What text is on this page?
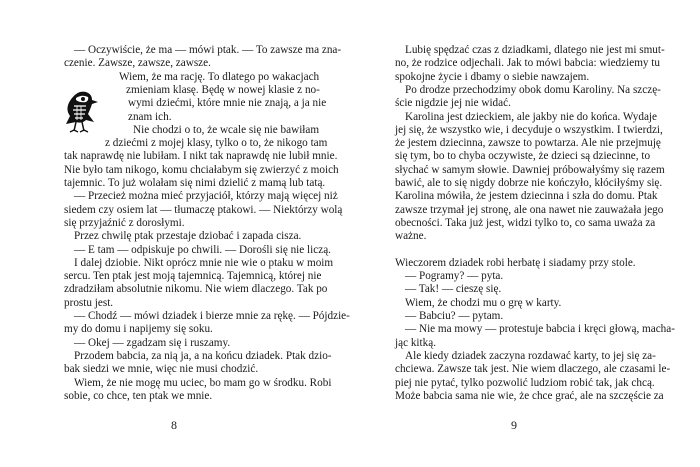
— Oczywiście, że ma — mówi ptak. — To zawsze ma zna-
czenie. Zawsze, zawsze, zawsze.
Wiem, że ma rację. To dlatego po wakacjach
zmieniam klasę. Będę w nowej klasie z no-
wymi dziećmi, które mnie nie znają, a ja nie
znam ich.
Nie chodzi o to, że wcale się nie bawiłam
z dziećmi z mojej klasy, tylko o to, że nikogo tam
tak naprawdę nie lubiłam. I nikt tak naprawdę nie lubił mnie.
Nie było tam nikogo, komu chciałabym się zwierzyć z moich
tajemnic. To już wolałam się nimi dzielić z mamą lub tatą.
— Przecież można mieć przyjaciół, którzy mają więcej niż
siedem czy osiem lat — tłumaczę ptakowi. — Niektórzy wolą
się przyjaźnić z dorosłymi.
Przez chwilę ptak przestaje dziobać i zapada cisza.
— E tam — odpiskuje po chwili. — Dorośli się nie liczą.
I dalej dziobie. Nikt oprócz mnie nie wie o ptaku w moim
sercu. Ten ptak jest moją tajemnicą. Tajemnicą, której nie
zdradziłam absolutnie nikomu. Nie wiem dlaczego. Tak po
prostu jest.
— Chodź — mówi dziadek i bierze mnie za rękę. — Pójdzie-
my do domu i napijemy się soku.
— Okej — zgadzam się i ruszamy.
Przodem babcia, za nią ja, a na końcu dziadek. Ptak dzio-
bak siedzi we mnie, więc nie musi chodzić.
Wiem, że nie mogę mu uciec, bo mam go w środku. Robi
sobie, co chce, ten ptak we mnie.
8
Lubię spędzać czas z dziadkami, dlatego nie jest mi smut-
no, że rodzice odjechali. Jak to mówi babcia: wiedziemy tu
spokojne życie i dbamy o siebie nawzajem.
Po drodze przechodzimy obok domu Karoliny. Na szczę-
ście nigdzie jej nie widać.
Karolina jest dzieckiem, ale jakby nie do końca. Wydaje
jej się, że wszystko wie, i decyduje o wszystkim. I twierdzi,
że jestem dziecinna, zawsze to powtarza. Ale nie przejmuję
się tym, bo to chyba oczywiste, że dzieci są dziecinne, to
słychać w samym słowie. Dawniej próbowałyśmy się razem
bawić, ale to się nigdy dobrze nie kończyło, kłóciłyśmy się.
Karolina mówiła, że jestem dziecinna i szła do domu. Ptak
zawsze trzymał jej stronę, ale ona nawet nie zauważała jego
obecności. Taka już jest, widzi tylko to, co sama uważa za
ważne.
Wieczorem dziadek robi herbatę i siadamy przy stole.
— Pogramy? — pyta.
— Tak! — cieszę się.
Wiem, że chodzi mu o grę w karty.
— Babciu? — pytam.
— Nie ma mowy — protestuje babcia i kręci głową, macha-
jąc kitką.
Ale kiedy dziadek zaczyna rozdawać karty, to jej się za-
chciewa. Zawsze tak jest. Nie wiem dlaczego, ale czasami le-
piej nie pytać, tylko pozwolić ludziom robić tak, jak chcą.
Może babcia sama nie wie, że chce grać, ale na szczęście za
9
